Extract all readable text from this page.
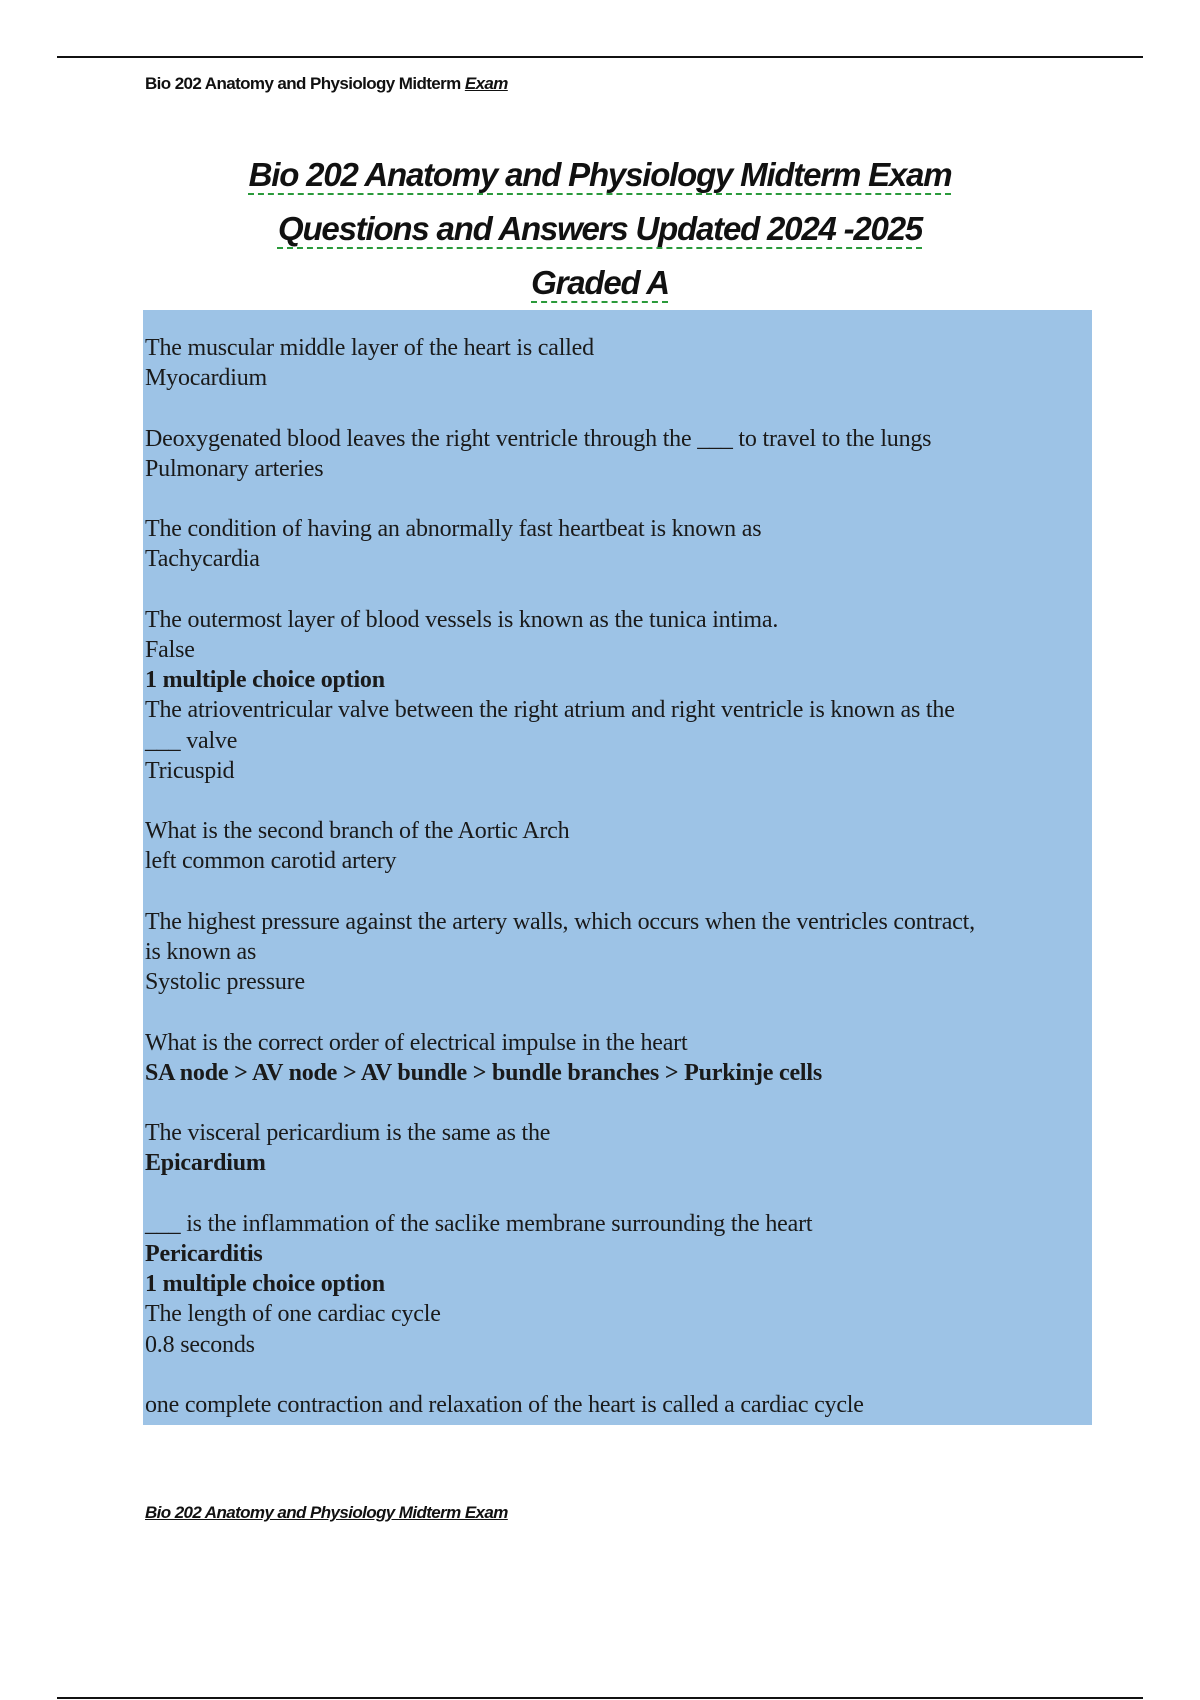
Bio 202 Anatomy and Physiology Midterm Exam
Bio 202 Anatomy and Physiology Midterm Exam
Questions and Answers Updated 2024 -2025
Graded A
The muscular middle layer of the heart is called
Myocardium
Deoxygenated blood leaves the right ventricle through the ___ to travel to the lungs
Pulmonary arteries
The condition of having an abnormally fast heartbeat is known as
Tachycardia
The outermost layer of blood vessels is known as the tunica intima.
False
1 multiple choice option
The atrioventricular valve between the right atrium and right ventricle is known as the
___ valve
Tricuspid
What is the second branch of the Aortic Arch
left common carotid artery
The highest pressure against the artery walls, which occurs when the ventricles contract,
is known as
Systolic pressure
What is the correct order of electrical impulse in the heart
SA node > AV node > AV bundle > bundle branches > Purkinje cells
The visceral pericardium is the same as the
Epicardium
___ is the inflammation of the saclike membrane surrounding the heart
Pericarditis
1 multiple choice option
The length of one cardiac cycle
0.8 seconds
one complete contraction and relaxation of the heart is called a cardiac cycle
Bio 202 Anatomy and Physiology Midterm Exam
